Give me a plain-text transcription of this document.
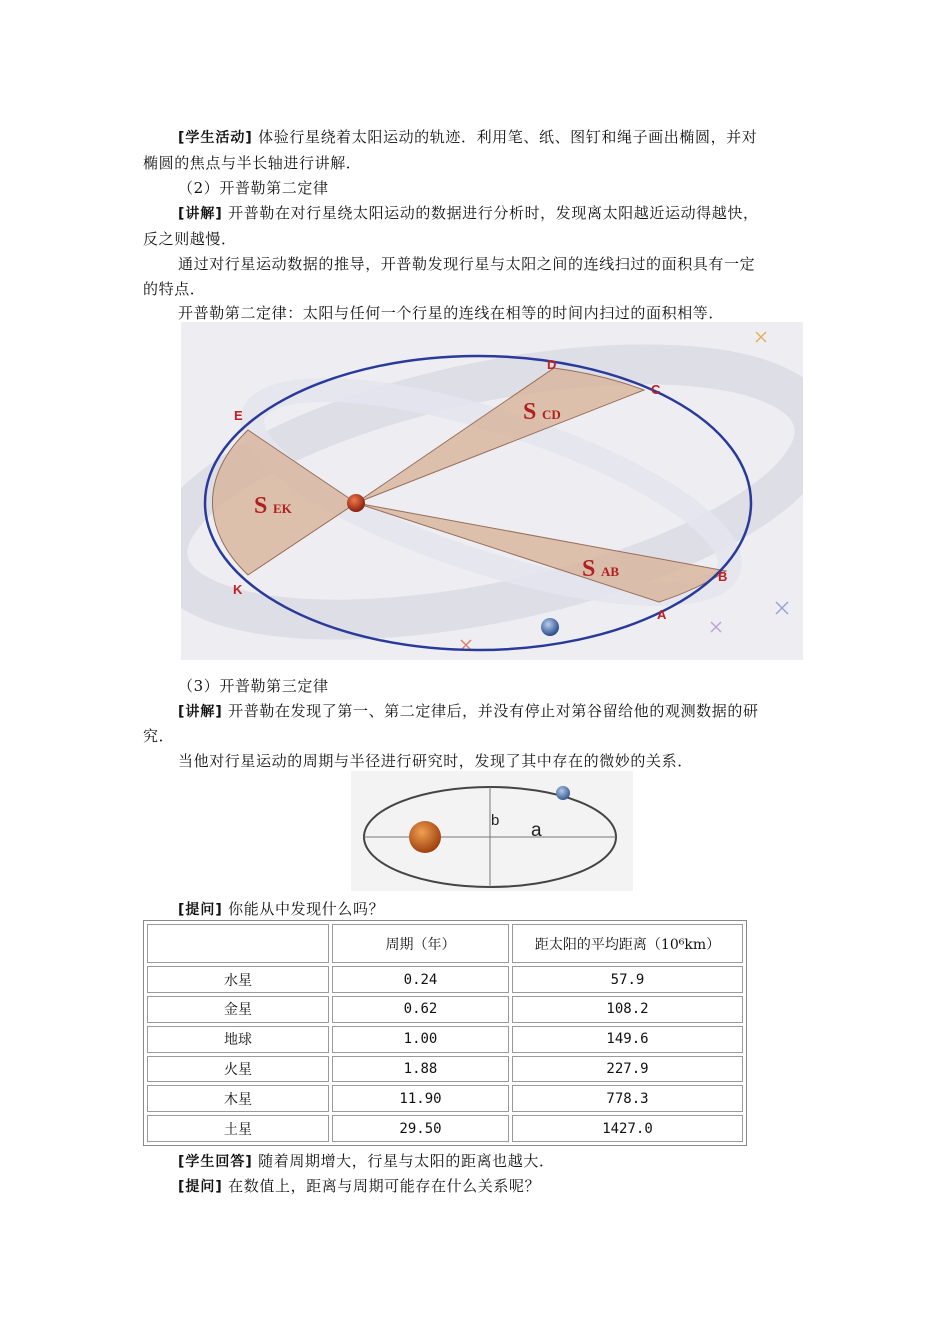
[学生活动] 体验行星绕着太阳运动的轨迹．利用笔、纸、图钉和绳子画出椭圆，并对
椭圆的焦点与半长轴进行讲解．
（2）开普勒第二定律
[讲解] 开普勒在对行星绕太阳运动的数据进行分析时，发现离太阳越近运动得越快，
反之则越慢．
通过对行星运动数据的推导，开普勒发现行星与太阳之间的连线扫过的面积具有一定
的特点．
开普勒第二定律：太阳与任何一个行星的连线在相等的时间内扫过的面积相等．
D
C
E
K
B
A
S CD
S EK
S AB
（3）开普勒第三定律
[讲解] 开普勒在发现了第一、第二定律后，并没有停止对第谷留给他的观测数据的研
究．
当他对行星运动的周期与半径进行研究时，发现了其中存在的微妙的关系．
b a
[提问] 你能从中发现什么吗？
	周期（年）	距太阳的平均距离（10⁶km）
水星	0.24	57.9
金星	0.62	108.2
地球	1.00	149.6
火星	1.88	227.9
木星	11.90	778.3
土星	29.50	1427.0
[学生回答] 随着周期增大，行星与太阳的距离也越大．
[提问] 在数值上，距离与周期可能存在什么关系呢？
